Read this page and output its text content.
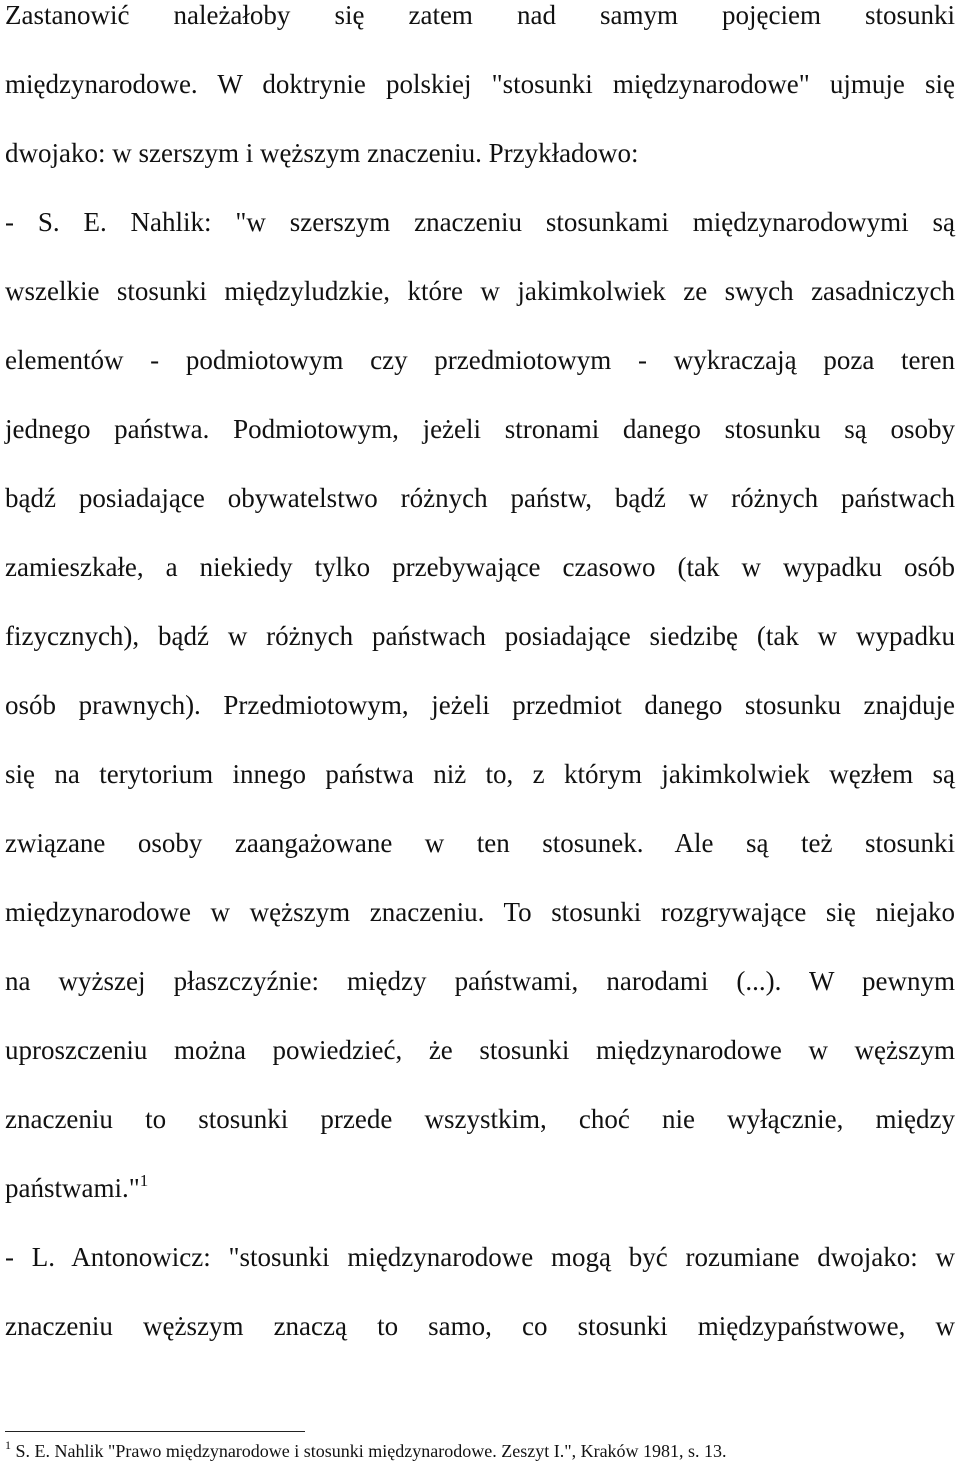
Zastanowić należałoby się zatem nad samym pojęciem stosunki
międzynarodowe. W doktrynie polskiej "stosunki międzynarodowe" ujmuje się
dwojako: w szerszym i węższym znaczeniu. Przykładowo:
- S. E. Nahlik: "w szerszym znaczeniu stosunkami międzynarodowymi są
wszelkie stosunki międzyludzkie, które w jakimkolwiek ze swych zasadniczych
elementów - podmiotowym czy przedmiotowym - wykraczają poza teren
jednego państwa. Podmiotowym, jeżeli stronami danego stosunku są osoby
bądź posiadające obywatelstwo różnych państw, bądź w różnych państwach
zamieszkałe, a niekiedy tylko przebywające czasowo (tak w wypadku osób
fizycznych), bądź w różnych państwach posiadające siedzibę (tak w wypadku
osób prawnych). Przedmiotowym, jeżeli przedmiot danego stosunku znajduje
się na terytorium innego państwa niż to, z którym jakimkolwiek węzłem są
związane osoby zaangażowane w ten stosunek. Ale są też stosunki
międzynarodowe w węższym znaczeniu. To stosunki rozgrywające się niejako
na wyższej płaszczyźnie: między państwami, narodami (...). W pewnym
uproszczeniu można powiedzieć, że stosunki międzynarodowe w węższym
znaczeniu to stosunki przede wszystkim, choć nie wyłącznie, między
państwami."$^1$
- L. Antonowicz: "stosunki międzynarodowe mogą być rozumiane dwojako: w
znaczeniu węższym znaczą to samo, co stosunki międzypaństwowe, w
$^1$ S. E. Nahlik "Prawo międzynarodowe i stosunki międzynarodowe. Zeszyt I.", Kraków 1981, s. 13.
